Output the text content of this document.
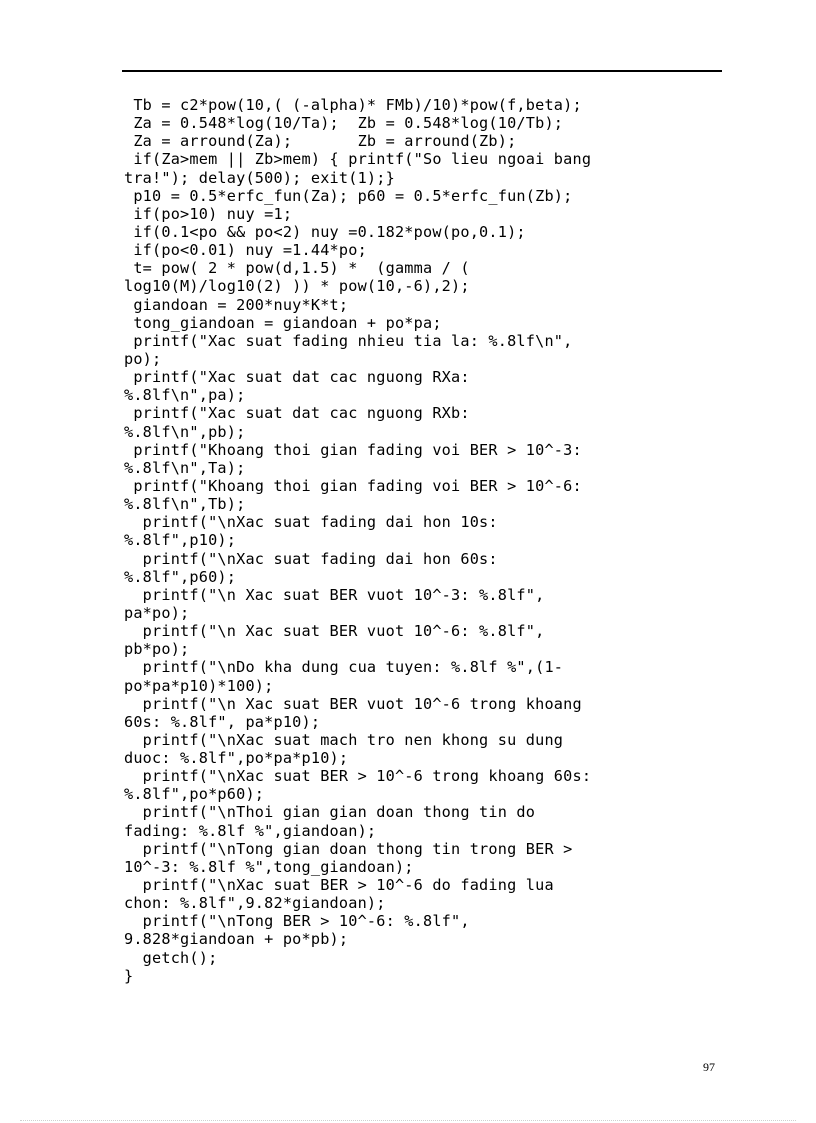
Tb = c2*pow(10,( (-alpha)* FMb)/10)*pow(f,beta);
Za = 0.548*log(10/Ta);  Zb = 0.548*log(10/Tb);
Za = arround(Za);       Zb = arround(Zb);
if(Za>mem || Zb>mem) { printf("So lieu ngoai bang
tra!"); delay(500); exit(1);}
p10 = 0.5*erfc_fun(Za); p60 = 0.5*erfc_fun(Zb);
if(po>10) nuy =1;
if(0.1<po && po<2) nuy =0.182*pow(po,0.1);
if(po<0.01) nuy =1.44*po;
t= pow( 2 * pow(d,1.5) *  (gamma / (
log10(M)/log10(2) )) * pow(10,-6),2);
giandoan = 200*nuy*K*t;
tong_giandoan = giandoan + po*pa;
printf("Xac suat fading nhieu tia la: %.8lf\n",
po);
printf("Xac suat dat cac nguong RXa:
%.8lf\n",pa);
printf("Xac suat dat cac nguong RXb:
%.8lf\n",pb);
printf("Khoang thoi gian fading voi BER > 10^-3:
%.8lf\n",Ta);
printf("Khoang thoi gian fading voi BER > 10^-6:
%.8lf\n",Tb);
printf("\nXac suat fading dai hon 10s:
%.8lf",p10);
printf("\nXac suat fading dai hon 60s:
%.8lf",p60);
printf("\n Xac suat BER vuot 10^-3: %.8lf",
pa*po);
printf("\n Xac suat BER vuot 10^-6: %.8lf",
pb*po);
printf("\nDo kha dung cua tuyen: %.8lf %",(1-
po*pa*p10)*100);
printf("\n Xac suat BER vuot 10^-6 trong khoang
60s: %.8lf", pa*p10);
printf("\nXac suat mach tro nen khong su dung
duoc: %.8lf",po*pa*p10);
printf("\nXac suat BER > 10^-6 trong khoang 60s:
%.8lf",po*p60);
printf("\nThoi gian gian doan thong tin do
fading: %.8lf %",giandoan);
printf("\nTong gian doan thong tin trong BER >
10^-3: %.8lf %",tong_giandoan);
printf("\nXac suat BER > 10^-6 do fading lua
chon: %.8lf",9.82*giandoan);
printf("\nTong BER > 10^-6: %.8lf",
9.828*giandoan + po*pb);
getch();
}
97
